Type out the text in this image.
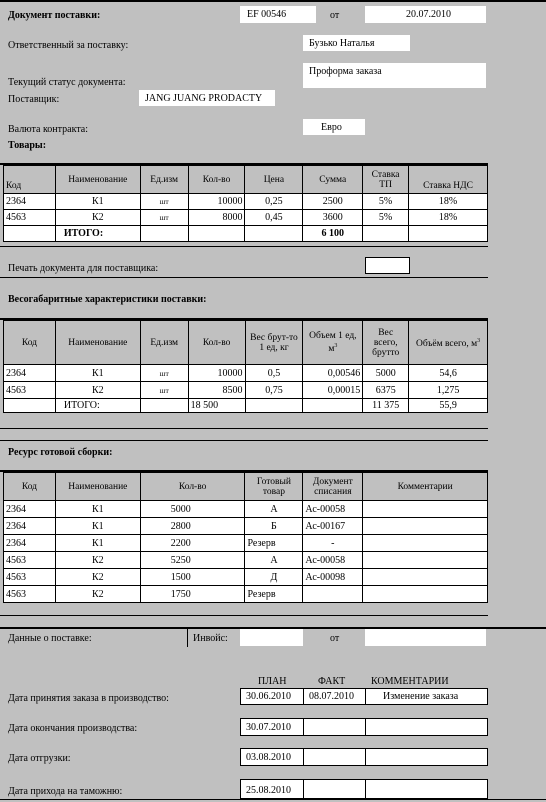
Документ поставки:	EF 00546	от	20.07.2010
Ответственный за поставку:	Бузько Наталья
Проформа заказа
Текущий статус документа:
Поставщик:	JANG JUANG PRODACTY
Валюта контракта:	Евро
Товары:
Код	Наименование	Ед.изм	Кол-во	Цена	Сумма	Ставка ТП	Ставка НДС
2364	К1	шт	10000	0,25	2500	5%	18%
4563	К2	шт	8000	0,45	3600	5%	18%
	ИТОГО:				6 100		
Печать документа для поставщика:
Весогабаритные характеристики поставки:
Код	Наименование	Ед.изм	Кол-во	Вес брут-то 1 ед, кг	Объем 1 ед, $м^3$	Вес всего, брутто	Объём всего, $м^3$
2364	К1	шт	10000	0,5	0,00546	5000	54,6
4563	К2	шт	8500	0,75	0,00015	6375	1,275
	ИТОГО:		18 500			11 375	55,9
Ресурс готовой сборки:
Код	Наименование	Кол-во	Готовый товар	Документ списания	Комментарии
2364	К1	5000	А	Ас-00058	
2364	К1	2800	Б	Ас-00167	
2364	К1	2200	Резерв	-	
4563	К2	5250	А	Ас-00058	
4563	К2	1500	Д	Ас-00098	
4563	К2	1750	Резерв		
Данные о поставке:	Инвойс:	от
ПЛАН	ФАКТ	КОММЕНТАРИИ
Дата принятия заказа в производство:	30.06.2010 08.07.2010	Изменение заказа
Дата окончания производства:	30.07.2010
Дата отгрузки:	03.08.2010
Дата прихода на таможню:	25.08.2010
